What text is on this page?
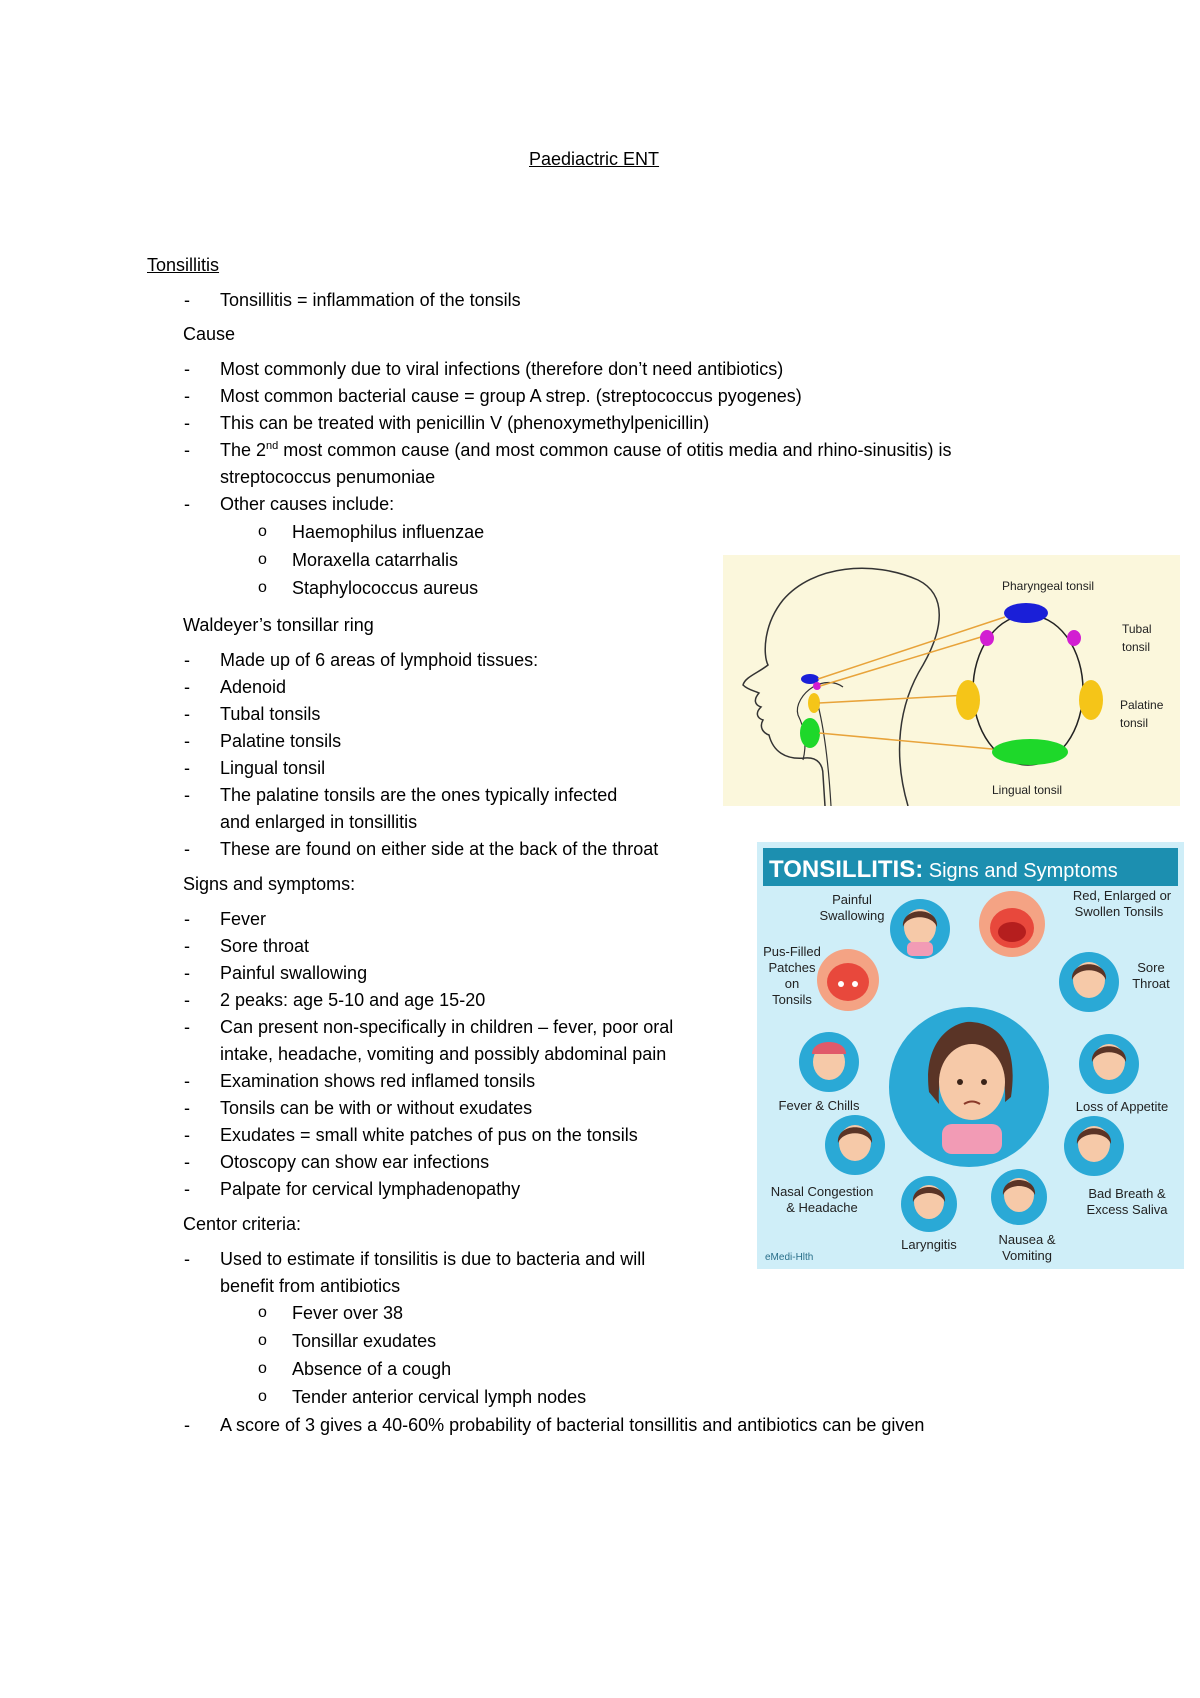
Paediactric ENT
Tonsillitis
- Tonsillitis = inflammation of the tonsils
Cause
- Most commonly due to viral infections (therefore don’t need antibiotics)
- Most common bacterial cause = group A strep. (streptococcus pyogenes)
- This can be treated with penicillin V (phenoxymethylpenicillin)
- The 2nd most common cause (and most common cause of otitis media and rhino-sinusitis) is
streptococcus penumoniae
- Other causes include:
o Haemophilus influenzae
o Moraxella catarrhalis
o Staphylococcus aureus
Waldeyer’s tonsillar ring
- Made up of 6 areas of lymphoid tissues:
- Adenoid
- Tubal tonsils
- Palatine tonsils
- Lingual tonsil
- The palatine tonsils are the ones typically infected
and enlarged in tonsillitis
- These are found on either side at the back of the throat
Signs and symptoms:
- Fever
- Sore throat
- Painful swallowing
- 2 peaks: age 5-10 and age 15-20
- Can present non-specifically in children – fever, poor oral
intake, headache, vomiting and possibly abdominal pain
- Examination shows red inflamed tonsils
- Tonsils can be with or without exudates
- Exudates = small white patches of pus on the tonsils
- Otoscopy can show ear infections
- Palpate for cervical lymphadenopathy
Centor criteria:
- Used to estimate if tonsilitis is due to bacteria and will
benefit from antibiotics
o Fever over 38
o Tonsillar exudates
o Absence of a cough
o Tender anterior cervical lymph nodes
- A score of 3 gives a 40-60% probability of bacterial tonsillitis and antibiotics can be given
Pharyngeal tonsil
Tubal
tonsil
Palatine
tonsil
Lingual tonsil
TONSILLITIS: Signs and Symptoms
Painful
Swallowing
Red, Enlarged or
Swollen Tonsils
Pus-Filled
Patches
on
Tonsils
Sore
Throat
Fever & Chills	Loss of Appetite
Nasal Congestion
& Headache
Bad Breath &
Excess Saliva
Laryngitis	Nausea &
Vomiting
eMedi-Hlth
